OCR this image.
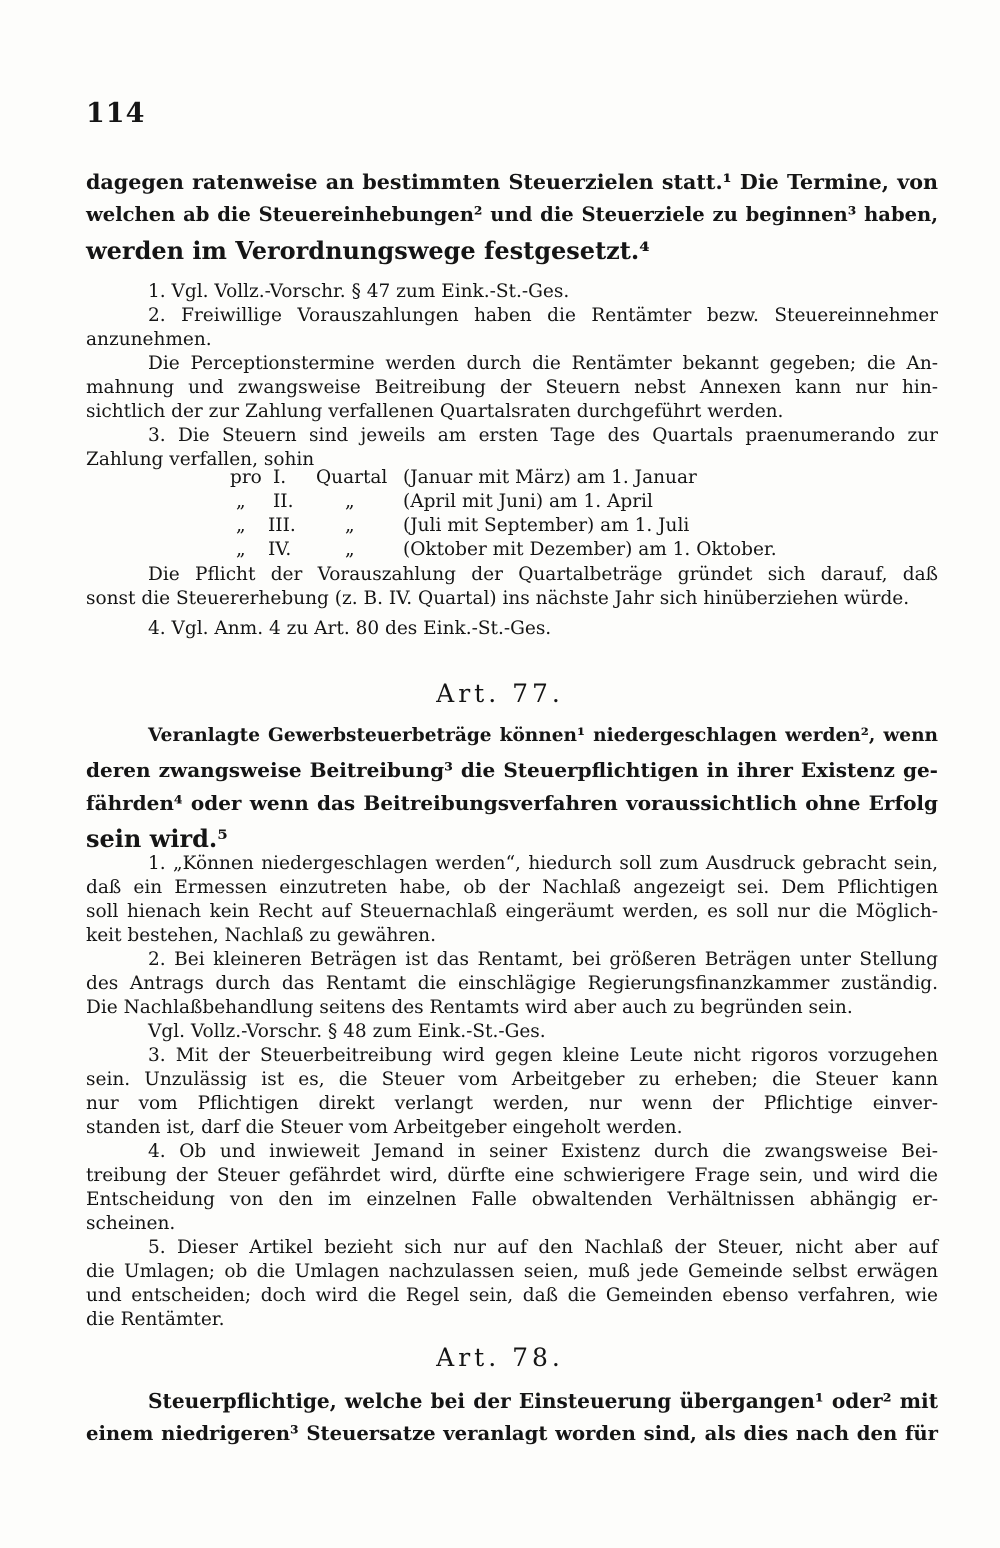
114
dagegen ratenweise an bestimmten Steuerzielen statt.¹ Die Termine, von
welchen ab die Steuereinhebungen² und die Steuerziele zu beginnen³ haben,
werden im Verordnungswege festgesetzt.⁴
1. Vgl. Vollz.-Vorschr. § 47 zum Eink.-St.-Ges.
2. Freiwillige Vorauszahlungen haben die Rentämter bezw. Steuereinnehmer
anzunehmen.
Die Perceptionstermine werden durch die Rentämter bekannt gegeben; die An-
mahnung und zwangsweise Beitreibung der Steuern nebst Annexen kann nur hin-
sichtlich der zur Zahlung verfallenen Quartalsraten durchgeführt werden.
3. Die Steuern sind jeweils am ersten Tage des Quartals praenumerando zur
Zahlung verfallen, sohin
pro I. Quartal (Januar mit März) am 1. Januar
„ II.	„	(April mit Juni) am 1. April
„ III.	„	(Juli mit September) am 1. Juli
„ IV.	„	(Oktober mit Dezember) am 1. Oktober.
Die Pflicht der Vorauszahlung der Quartalbeträge gründet sich darauf, daß
sonst die Steuererhebung (z. B. IV. Quartal) ins nächste Jahr sich hinüberziehen würde.
4. Vgl. Anm. 4 zu Art. 80 des Eink.-St.-Ges.
Art. 77.
Veranlagte Gewerbsteuerbeträge können¹ niedergeschlagen werden², wenn
deren zwangsweise Beitreibung³ die Steuerpflichtigen in ihrer Existenz ge-
fährden⁴ oder wenn das Beitreibungsverfahren voraussichtlich ohne Erfolg
sein wird.⁵
1. „Können niedergeschlagen werden“, hiedurch soll zum Ausdruck gebracht sein,
daß ein Ermessen einzutreten habe, ob der Nachlaß angezeigt sei. Dem Pflichtigen
soll hienach kein Recht auf Steuernachlaß eingeräumt werden, es soll nur die Möglich-
keit bestehen, Nachlaß zu gewähren.
2. Bei kleineren Beträgen ist das Rentamt, bei größeren Beträgen unter Stellung
des Antrags durch das Rentamt die einschlägige Regierungsfinanzkammer zuständig.
Die Nachlaßbehandlung seitens des Rentamts wird aber auch zu begründen sein.
Vgl. Vollz.-Vorschr. § 48 zum Eink.-St.-Ges.
3. Mit der Steuerbeitreibung wird gegen kleine Leute nicht rigoros vorzugehen
sein. Unzulässig ist es, die Steuer vom Arbeitgeber zu erheben; die Steuer kann
nur vom Pflichtigen direkt verlangt werden, nur wenn der Pflichtige einver-
standen ist, darf die Steuer vom Arbeitgeber eingeholt werden.
4. Ob und inwieweit Jemand in seiner Existenz durch die zwangsweise Bei-
treibung der Steuer gefährdet wird, dürfte eine schwierigere Frage sein, und wird die
Entscheidung von den im einzelnen Falle obwaltenden Verhältnissen abhängig er-
scheinen.
5. Dieser Artikel bezieht sich nur auf den Nachlaß der Steuer, nicht aber auf
die Umlagen; ob die Umlagen nachzulassen seien, muß jede Gemeinde selbst erwägen
und entscheiden; doch wird die Regel sein, daß die Gemeinden ebenso verfahren, wie
die Rentämter.
Art. 78.
Steuerpflichtige, welche bei der Einsteuerung übergangen¹ oder² mit
einem niedrigeren³ Steuersatze veranlagt worden sind, als dies nach den für
